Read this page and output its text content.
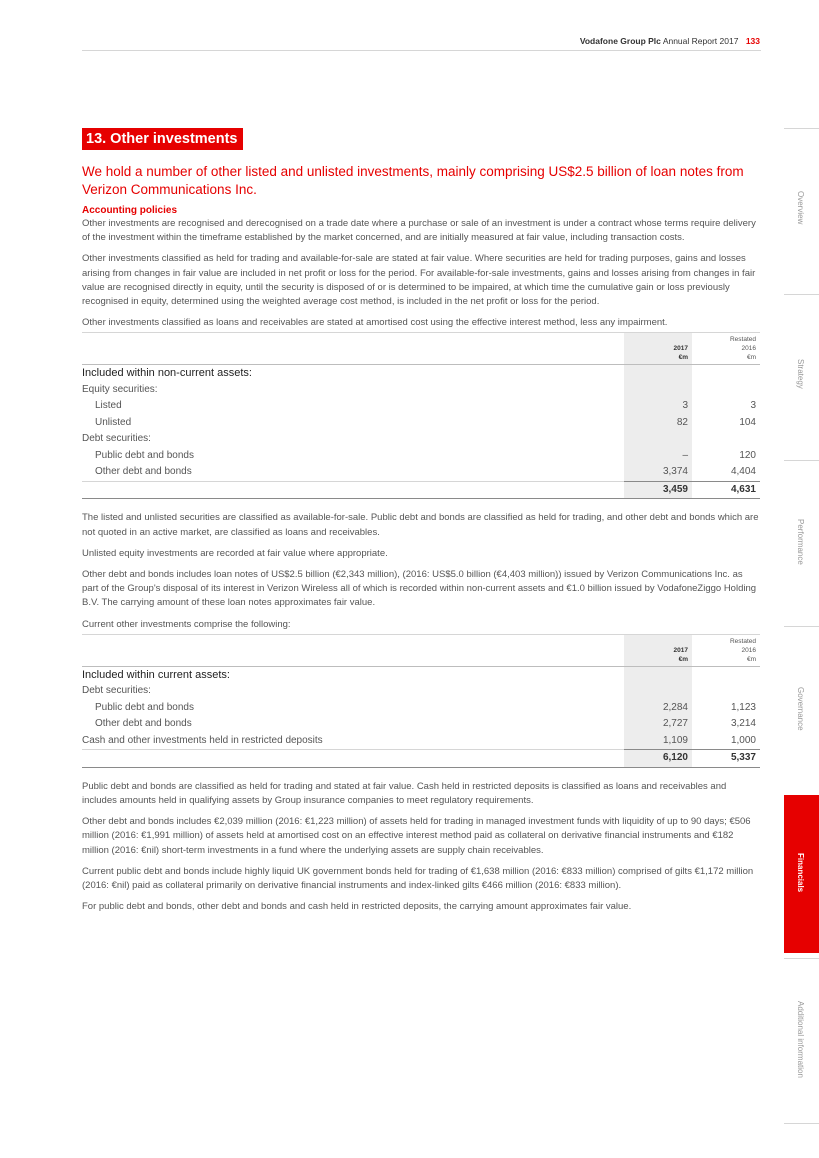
Vodafone Group Plc Annual Report 2017 133
13. Other investments
We hold a number of other listed and unlisted investments, mainly comprising US$2.5 billion of loan notes from Verizon Communications Inc.
Accounting policies

Other investments are recognised and derecognised on a trade date where a purchase or sale of an investment is under a contract whose terms require delivery of the investment within the timeframe established by the market concerned, and are initially measured at fair value, including transaction costs.

Other investments classified as held for trading and available-for-sale are stated at fair value. Where securities are held for trading purposes, gains and losses arising from changes in fair value are included in net profit or loss for the period. For available-for-sale investments, gains and losses arising from changes in fair value are recognised directly in equity, until the security is disposed of or is determined to be impaired, at which time the cumulative gain or loss previously recognised in equity, determined using the weighted average cost method, is included in the net profit or loss for the period.

Other investments classified as loans and receivables are stated at amortised cost using the effective interest method, less any impairment.

2017
€m	Restated
2016
€m
Included within non-current assets:		
Equity securities:		
Listed	3	3
Unlisted	82	104
Debt securities:		
Public debt and bonds	–	120
Other debt and bonds	3,374	4,404
	3,459	4,631

The listed and unlisted securities are classified as available-for-sale. Public debt and bonds are classified as held for trading, and other debt and bonds which are not quoted in an active market, are classified as loans and receivables.

Unlisted equity investments are recorded at fair value where appropriate.

Other debt and bonds includes loan notes of US$2.5 billion (€2,343 million), (2016: US$5.0 billion (€4,403 million)) issued by Verizon Communications Inc. as part of the Group's disposal of its interest in Verizon Wireless all of which is recorded within non-current assets and €1.0 billion issued by VodafoneZiggo Holding B.V. The carrying amount of these loan notes approximates fair value.

Current other investments comprise the following:

2017
€m	Restated
2016
€m
Included within current assets:		
Debt securities:		
Public debt and bonds	2,284	1,123
Other debt and bonds	2,727	3,214
Cash and other investments held in restricted deposits	1,109	1,000
	6,120	5,337

Public debt and bonds are classified as held for trading and stated at fair value. Cash held in restricted deposits is classified as loans and receivables and includes amounts held in qualifying assets by Group insurance companies to meet regulatory requirements.

Other debt and bonds includes €2,039 million (2016: €1,223 million) of assets held for trading in managed investment funds with liquidity of up to 90 days; €506 million (2016: €1,991 million) of assets held at amortised cost on an effective interest method paid as collateral on derivative financial instruments and €182 million (2016: €nil) short-term investments in a fund where the underlying assets are supply chain receivables.

Current public debt and bonds include highly liquid UK government bonds held for trading of €1,638 million (2016: €833 million) comprised of gilts €1,172 million (2016: €nil) paid as collateral primarily on derivative financial instruments and index-linked gilts €466 million (2016: €833 million).

For public debt and bonds, other debt and bonds and cash held in restricted deposits, the carrying amount approximates fair value.

Overview
Strategy
Performance
Governance
Financials
Additional information
